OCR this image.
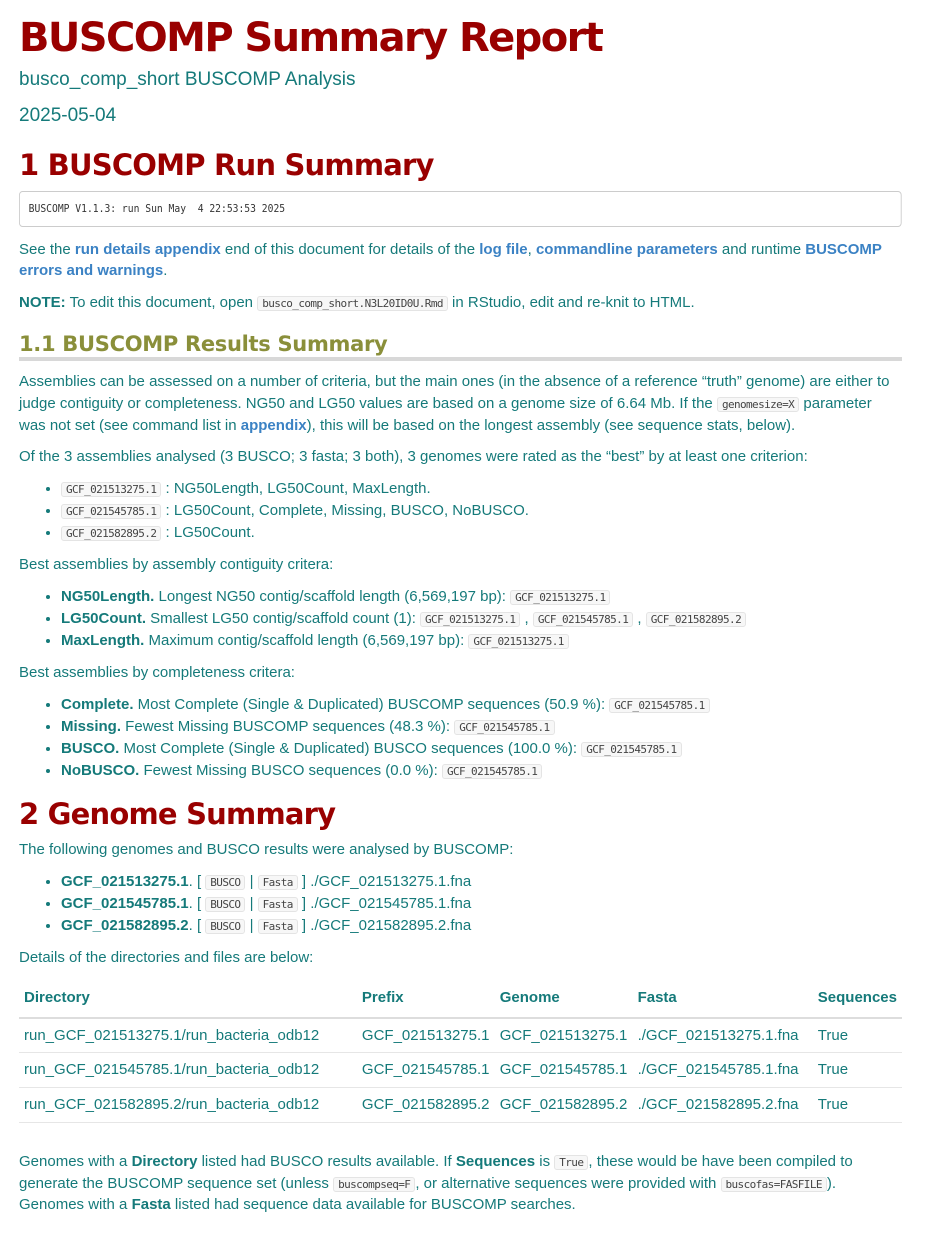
BUSCOMP Summary Report
busco_comp_short BUSCOMP Analysis
2025-05-04
1 BUSCOMP Run Summary
BUSCOMP V1.1.3: run Sun May  4 22:53:53 2025

See the run details appendix end of this document for details of the log file, commandline parameters and runtime BUSCOMP errors and warnings.

NOTE: To edit this document, open busco_comp_short.N3L20ID0U.Rmd in RStudio, edit and re-knit to HTML.

1.1 BUSCOMP Results Summary

Assemblies can be assessed on a number of criteria, but the main ones (in the absence of a reference “truth” genome) are either to judge contiguity or completeness. NG50 and LG50 values are based on a genome size of 6.64 Mb. If the genomesize=X parameter was not set (see command list in appendix), this will be based on the longest assembly (see sequence stats, below).

Of the 3 assemblies analysed (3 BUSCO; 3 fasta; 3 both), 3 genomes were rated as the “best” by at least one criterion:

• GCF_021513275.1 : NG50Length, LG50Count, MaxLength.
• GCF_021545785.1 : LG50Count, Complete, Missing, BUSCO, NoBUSCO.
• GCF_021582895.2 : LG50Count.

Best assemblies by assembly contiguity critera:

• NG50Length. Longest NG50 contig/scaffold length (6,569,197 bp): GCF_021513275.1
• LG50Count. Smallest LG50 contig/scaffold count (1): GCF_021513275.1 , GCF_021545785.1 , GCF_021582895.2
• MaxLength. Maximum contig/scaffold length (6,569,197 bp): GCF_021513275.1

Best assemblies by completeness critera:

• Complete. Most Complete (Single & Duplicated) BUSCOMP sequences (50.9 %): GCF_021545785.1
• Missing. Fewest Missing BUSCOMP sequences (48.3 %): GCF_021545785.1
• BUSCO. Most Complete (Single & Duplicated) BUSCO sequences (100.0 %): GCF_021545785.1
• NoBUSCO. Fewest Missing BUSCO sequences (0.0 %): GCF_021545785.1
2 Genome Summary

The following genomes and BUSCO results were analysed by BUSCOMP:

• GCF_021513275.1. [ BUSCO | Fasta ] ./GCF_021513275.1.fna
• GCF_021545785.1. [ BUSCO | Fasta ] ./GCF_021545785.1.fna
• GCF_021582895.2. [ BUSCO | Fasta ] ./GCF_021582895.2.fna

Details of the directories and files are below:

Directory	Prefix	Genome	Fasta	Sequences
run_GCF_021513275.1/run_bacteria_odb12	GCF_021513275.1	GCF_021513275.1	./GCF_021513275.1.fna	True
run_GCF_021545785.1/run_bacteria_odb12	GCF_021545785.1	GCF_021545785.1	./GCF_021545785.1.fna	True
run_GCF_021582895.2/run_bacteria_odb12	GCF_021582895.2	GCF_021582895.2	./GCF_021582895.2.fna	True

Genomes with a Directory listed had BUSCO results available. If Sequences is True , these would be have been compiled to generate the BUSCOMP sequence set (unless buscompseq=F , or alternative sequences were provided with buscofas=FASFILE ). Genomes with a Fasta listed had sequence data available for BUSCOMP searches.
